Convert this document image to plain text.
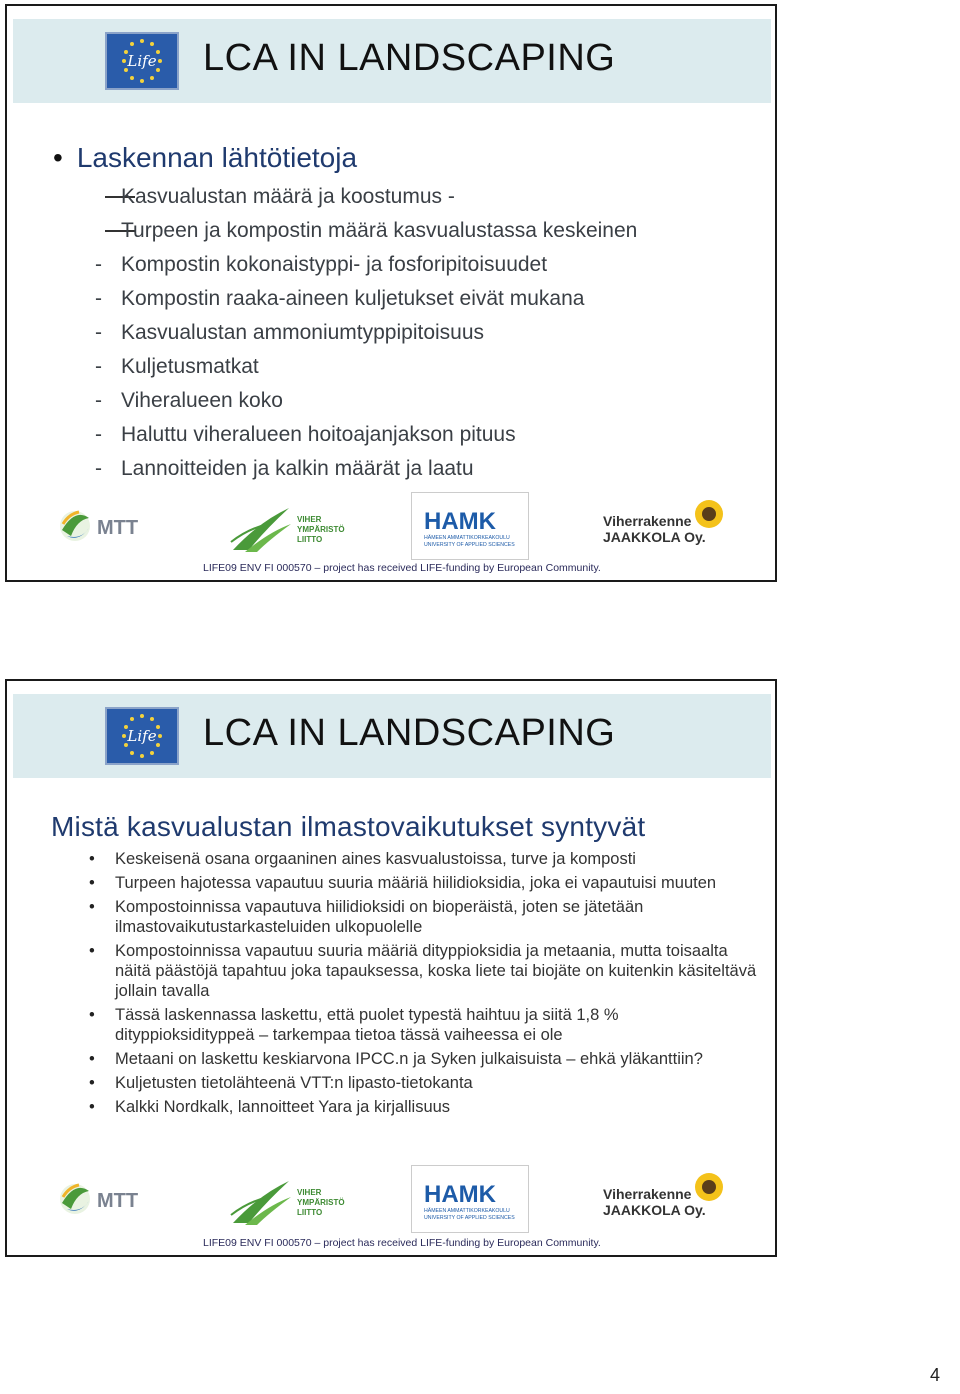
Life LCA IN LANDSCAPING
• Laskennan lähtötietoja
Kasvualustan määrä ja koostumus -
Turpeen ja kompostin määrä kasvualustassa keskeinen
- Kompostin kokonaistyppi- ja fosforipitoisuudet
- Kompostin raaka-aineen kuljetukset eivät mukana
- Kasvualustan ammoniumtyppipitoisuus
- Kuljetusmatkat
- Viheralueen koko
- Haluttu viheralueen hoitoajanjakson pituus
- Lannoitteiden ja kalkin määrät ja laatu
MTT	VIHER
YMPÄRISTÖ
LIITTO
HAMK
HÄMEEN AMMATTIKORKEAKOULU
UNIVERSITY OF APPLIED SCIENCES
Viherrakenne
JAAKKOLA Oy.
LIFE09 ENV FI 000570 – project has received LIFE-funding by European Community.
Life LCA IN LANDSCAPING
Mistä kasvualustan ilmastovaikutukset syntyvät
• Keskeisenä osana orgaaninen aines kasvualustoissa, turve ja komposti
• Turpeen hajotessa vapautuu suuria määriä hiilidioksidia, joka ei vapautuisi muuten
• Kompostoinnissa vapautuva hiilidioksidi on bioperäistä, joten se jätetään ilmastovaikutustarkasteluiden ulkopuolelle
• Kompostoinnissa vapautuu suuria määriä dityppioksidia ja metaania, mutta toisaalta näitä päästöjä tapahtuu joka tapauksessa, koska liete tai biojäte on kuitenkin käsiteltävä jollain tavalla
• Tässä laskennassa laskettu, että puolet typestä haihtuu ja siitä 1,8 % dityppioksidityppeä – tarkempaa tietoa tässä vaiheessa ei ole
• Metaani on laskettu keskiarvona IPCC.n ja Syken julkaisuista – ehkä yläkanttiin?
• Kuljetusten tietolähteenä VTT:n lipasto-tietokanta
• Kalkki Nordkalk, lannoitteet Yara ja kirjallisuus
MTT	VIHER
YMPÄRISTÖ
LIITTO
HAMK
HÄMEEN AMMATTIKORKEAKOULU
UNIVERSITY OF APPLIED SCIENCES
Viherrakenne
JAAKKOLA Oy.
LIFE09 ENV FI 000570 – project has received LIFE-funding by European Community.
4
